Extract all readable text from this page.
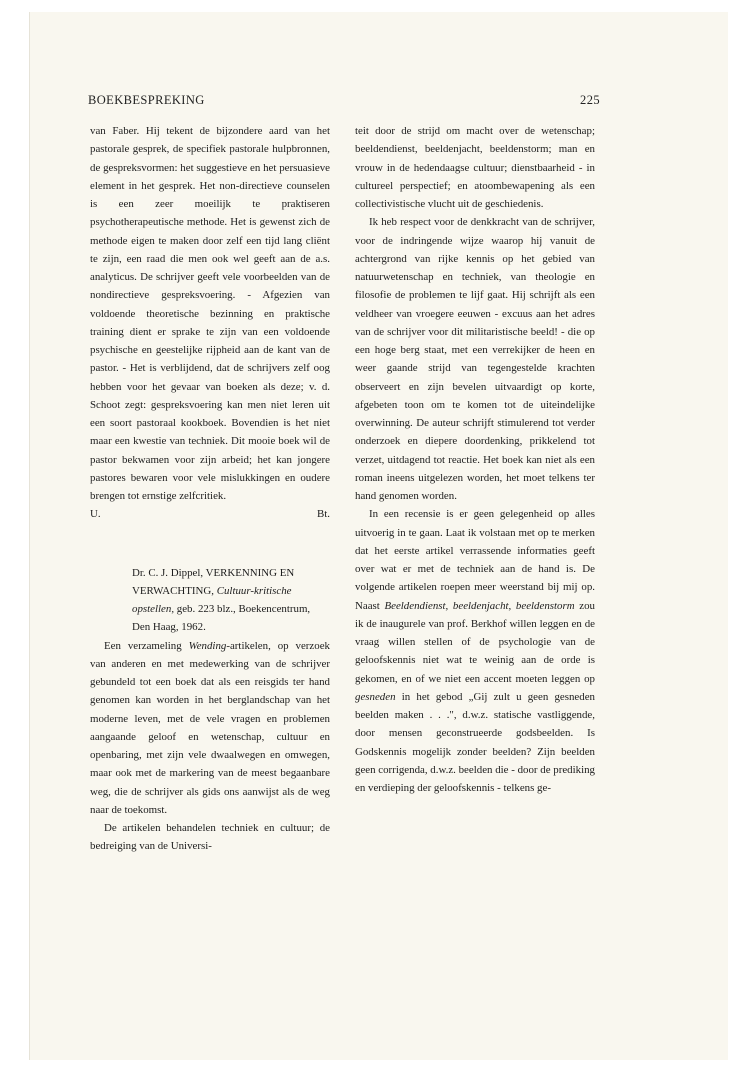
BOEKBESPREKING	225

van Faber. Hij tekent de bijzondere aard van het pastorale gesprek, de specifiek pastorale hulpbronnen, de gespreksvormen: het suggestieve en het persuasieve element in het gesprek. Het non-directieve counselen is een zeer moeilijk te praktiseren psychotherapeutische methode. Het is gewenst zich de methode eigen te maken door zelf een tijd lang cliënt te zijn, een raad die men ook wel geeft aan de a.s. analyticus. De schrijver geeft vele voorbeelden van de nondirectieve gespreksvoering. - Afgezien van voldoende theoretische bezinning en praktische training dient er sprake te zijn van een voldoende psychische en geestelijke rijpheid aan de kant van de pastor. - Het is verblijdend, dat de schrijvers zelf oog hebben voor het gevaar van boeken als deze; v. d. Schoot zegt: gespreksvoering kan men niet leren uit een soort pastoraal kookboek. Bovendien is het niet maar een kwestie van techniek. Dit mooie boek wil de pastor bekwamen voor zijn arbeid; het kan jongere pastores bewaren voor vele mislukkingen en oudere brengen tot ernstige zelfcritiek.

U.	Bt.

Dr. C. J. Dippel, VERKENNING EN VERWACHTING, Cultuur-kritische opstellen, geb. 223 blz., Boekencentrum, Den Haag, 1962.

Een verzameling Wending-artikelen, op verzoek van anderen en met medewerking van de schrijver gebundeld tot een boek dat als een reisgids ter hand genomen kan worden in het berglandschap van het moderne leven, met de vele vragen en problemen aangaande geloof en wetenschap, cultuur en openbaring, met zijn vele dwaalwegen en omwegen, maar ook met de markering van de meest begaanbare weg, die de schrijver als gids ons aanwijst als de weg naar de toekomst.

De artikelen behandelen techniek en cultuur; de bedreiging van de Universi-

teit door de strijd om macht over de wetenschap; beeldendienst, beeldenjacht, beeldenstorm; man en vrouw in de hedendaagse cultuur; dienstbaarheid - in cultureel perspectief; en atoombewapening als een collectivistische vlucht uit de geschiedenis.

Ik heb respect voor de denkkracht van de schrijver, voor de indringende wijze waarop hij vanuit de achtergrond van rijke kennis op het gebied van natuurwetenschap en techniek, van theologie en filosofie de problemen te lijf gaat. Hij schrijft als een veldheer van vroegere eeuwen - excuus aan het adres van de schrijver voor dit militaristische beeld! - die op een hoge berg staat, met een verrekijker de heen en weer gaande strijd van tegengestelde krachten observeert en zijn bevelen uitvaardigt op korte, afgebeten toon om te komen tot de uiteindelijke overwinning. De auteur schrijft stimulerend tot verder onderzoek en diepere doordenking, prikkelend tot verzet, uitdagend tot reactie. Het boek kan niet als een roman ineens uitgelezen worden, het moet telkens ter hand genomen worden.

In een recensie is er geen gelegenheid op alles uitvoerig in te gaan. Laat ik volstaan met op te merken dat het eerste artikel verrassende informaties geeft over wat er met de techniek aan de hand is. De volgende artikelen roepen meer weerstand bij mij op. Naast Beeldendienst, beeldenjacht, beeldenstorm zou ik de inaugurele van prof. Berkhof willen leggen en de vraag willen stellen of de psychologie van de geloofskennis niet wat te weinig aan de orde is gekomen, en of we niet een accent moeten leggen op gesneden in het gebod „Gij zult u geen gesneden beelden maken . . .", d.w.z. statische vastliggende, door mensen geconstrueerde godsbeelden. Is Godskennis mogelijk zonder beelden? Zijn beelden geen corrigenda, d.w.z. beelden die - door de prediking en verdieping der geloofskennis - telkens ge-
